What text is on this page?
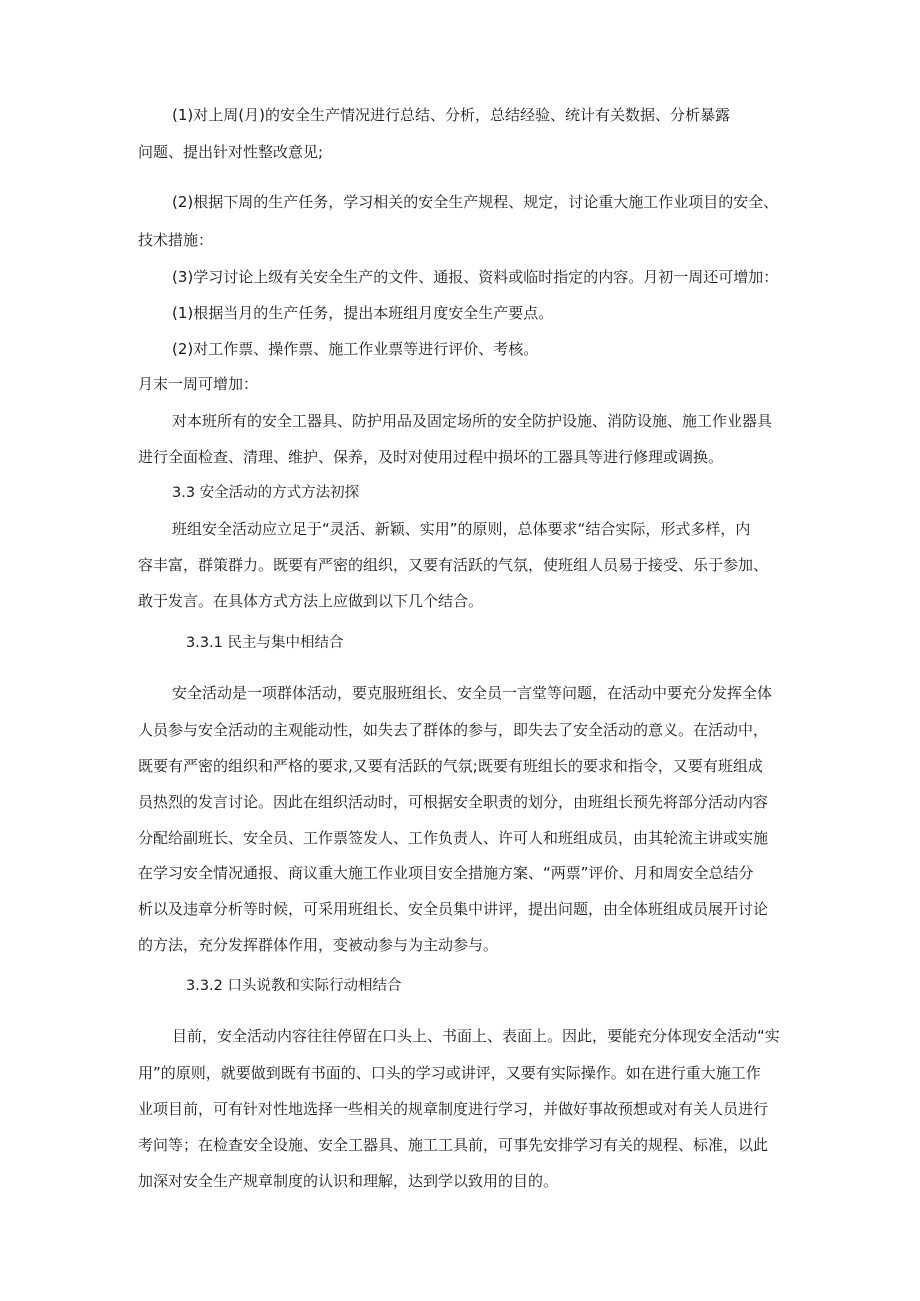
(1)对上周(月)的安全生产情况进行总结、分析，总结经验、统计有关数据、分析暴露
问题、提出针对性整改意见;
(2)根据下周的生产任务，学习相关的安全生产规程、规定，讨论重大施工作业项目的安全、
技术措施：
(3)学习讨论上级有关安全生产的文件、通报、资料或临时指定的内容。月初一周还可增加：
(1)根据当月的生产任务，提出本班组月度安全生产要点。
(2)对工作票、操作票、施工作业票等进行评价、考核。
月末一周可增加：
对本班所有的安全工器具、防护用品及固定场所的安全防护设施、消防设施、施工作业器具
进行全面检查、清理、维护、保养，及时对使用过程中损坏的工器具等进行修理或调换。
3.3 安全活动的方式方法初探
班组安全活动应立足于“灵活、新颖、实用”的原则，总体要求“结合实际，形式多样，内
容丰富，群策群力。既要有严密的组织，又要有活跃的气氛，使班组人员易于接受、乐于参加、
敢于发言。在具体方式方法上应做到以下几个结合。
3.3.1 民主与集中相结合
安全活动是一项群体活动，要克服班组长、安全员一言堂等问题，在活动中要充分发挥全体
人员参与安全活动的主观能动性，如失去了群体的参与，即失去了安全活动的意义。在活动中，
既要有严密的组织和严格的要求,又要有活跃的气氛;既要有班组长的要求和指令，又要有班组成
员热烈的发言讨论。因此在组织活动时，可根据安全职责的划分，由班组长预先将部分活动内容
分配给副班长、安全员、工作票签发人、工作负责人、许可人和班组成员，由其轮流主讲或实施
在学习安全情况通报、商议重大施工作业项目安全措施方案、“两票”评价、月和周安全总结分
析以及违章分析等时候，可采用班组长、安全员集中讲评，提出问题，由全体班组成员展开讨论
的方法，充分发挥群体作用，变被动参与为主动参与。
3.3.2 口头说教和实际行动相结合
目前，安全活动内容往往停留在口头上、书面上、表面上。因此，要能充分体现安全活动“实
用”的原则，就要做到既有书面的、口头的学习或讲评，又要有实际操作。如在进行重大施工作
业项目前，可有针对性地选择一些相关的规章制度进行学习，并做好事故预想或对有关人员进行
考问等；在检查安全设施、安全工器具、施工工具前，可事先安排学习有关的规程、标准，以此
加深对安全生产规章制度的认识和理解，达到学以致用的目的。
